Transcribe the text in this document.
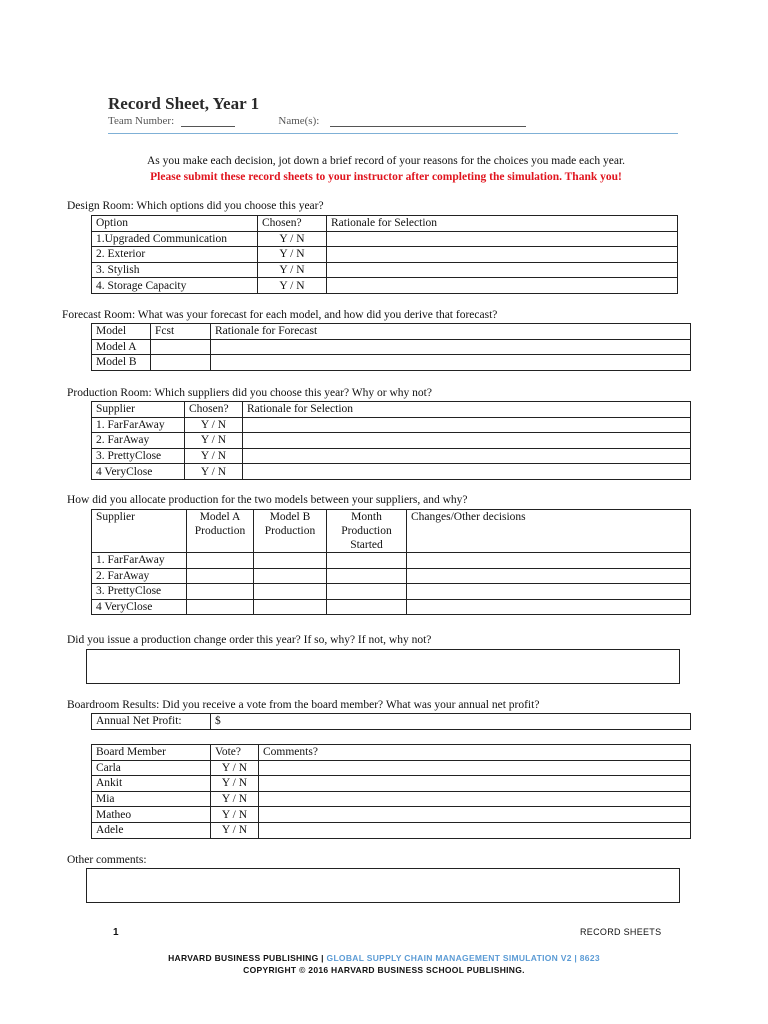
Record Sheet, Year 1
Team Number:	Name(s):
As you make each decision, jot down a brief record of your reasons for the choices you made each year.
Please submit these record sheets to your instructor after completing the simulation. Thank you!
Design Room: Which options did you choose this year?
Option	Chosen?	Rationale for Selection
1.Upgraded Communication	Y / N	
2. Exterior	Y / N	
3. Stylish	Y / N	
4. Storage Capacity	Y / N	
Forecast Room: What was your forecast for each model, and how did you derive that forecast?
Model	Fcst	Rationale for Forecast
Model A		
Model B		
Production Room: Which suppliers did you choose this year? Why or why not?
Supplier	Chosen?	Rationale for Selection
1. FarFarAway	Y / N	
2. FarAway	Y / N	
3. PrettyClose	Y / N	
4 VeryClose	Y / N	
How did you allocate production for the two models between your suppliers, and why?
Supplier	Model A Production	Model B Production	Month Production Started	Changes/Other decisions
1. FarFarAway				
2. FarAway				
3. PrettyClose				
4 VeryClose				
Did you issue a production change order this year? If so, why? If not, why not?
Boardroom Results: Did you receive a vote from the board member? What was your annual net profit?
Annual Net Profit:	$
Board Member	Vote?	Comments?
Carla	Y / N	
Ankit	Y / N	
Mia	Y / N	
Matheo	Y / N	
Adele	Y / N	
Other comments:
1	RECORD SHEETS
HARVARD BUSINESS PUBLISHING | GLOBAL SUPPLY CHAIN MANAGEMENT SIMULATION V2 | 8623
COPYRIGHT © 2016 HARVARD BUSINESS SCHOOL PUBLISHING.
